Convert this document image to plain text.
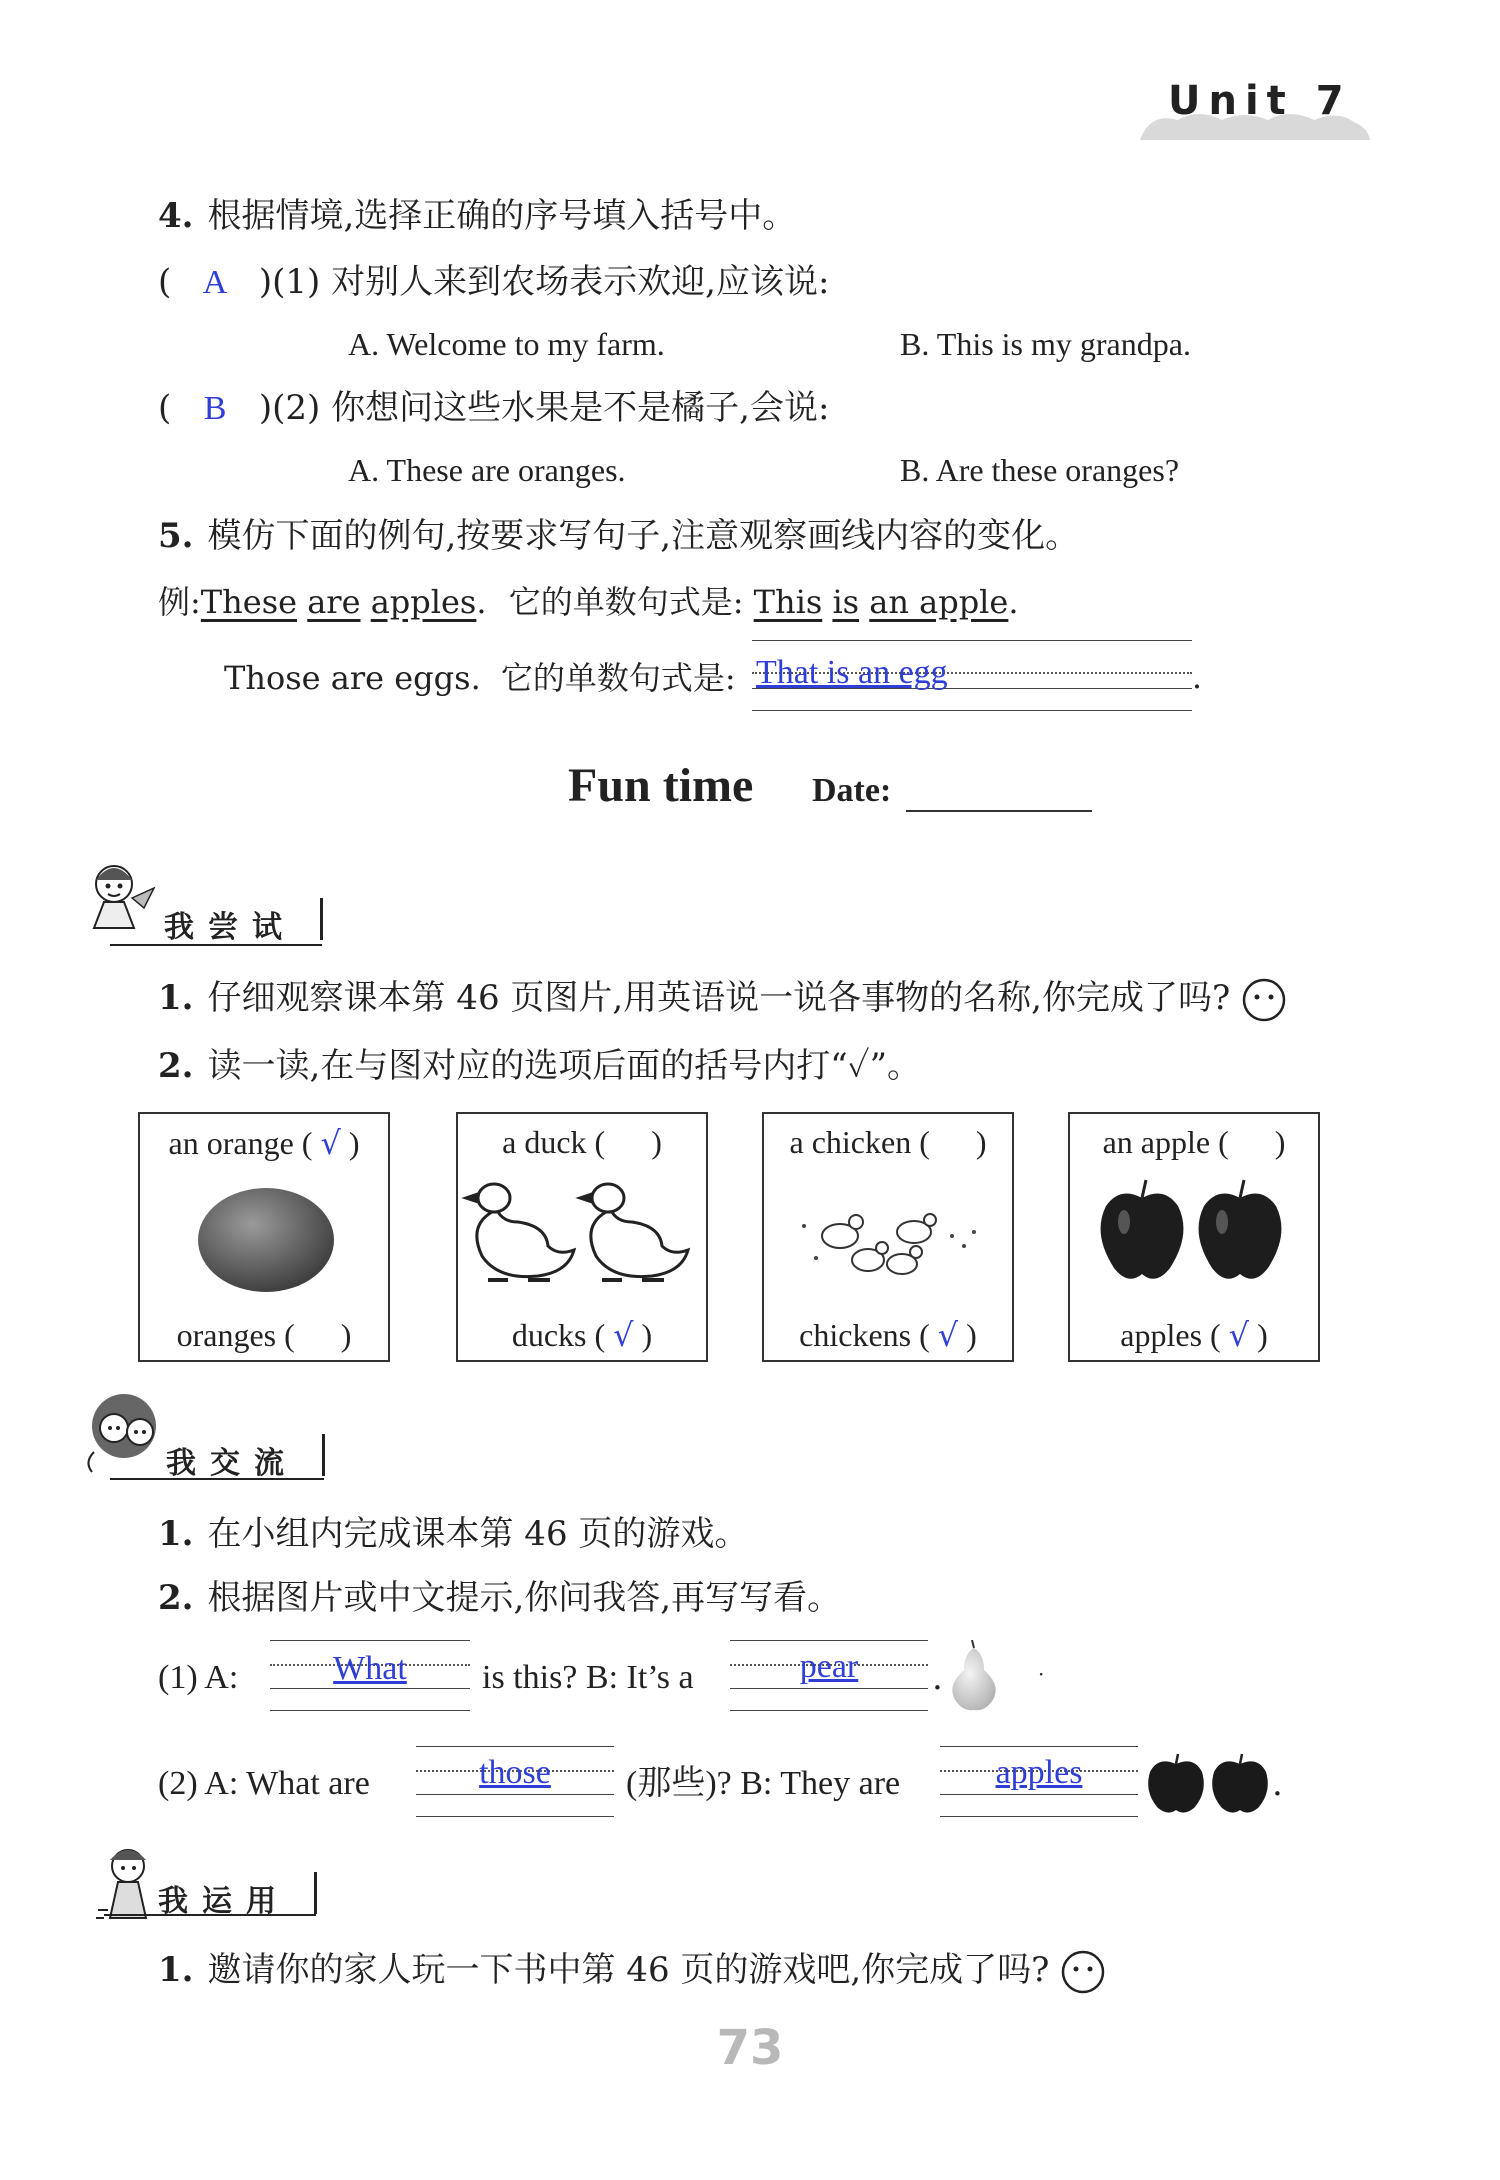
Unit 7
4. 根据情境,选择正确的序号填入括号中。
( A )(1) 对别人来到农场表示欢迎,应该说:
A. Welcome to my farm.	B. This is my grandpa.
( B )(2) 你想问这些水果是不是橘子,会说:
A. These are oranges.	B. Are these oranges?
5. 模仿下面的例句,按要求写句子,注意观察画线内容的变化。
例:These are apples. 它的单数句式是: This is an apple.
Those are eggs. 它的单数句式是: That is an egg	.
Fun time Date:
我尝试
1. 仔细观察课本第 46 页图片,用英语说一说各事物的名称,你完成了吗?
2. 读一读,在与图对应的选项后面的括号内打“✓”。
an orange ( √ )
oranges ( )
a duck ( )
ducks ( √ )
a chicken ( )
chickens ( √ )
an apple ( )
apples ( √ )
我交流
1. 在小组内完成课本第 46 页的游戏。
2. 根据图片或中文提示,你问我答,再写写看。
(1) A:	What	is this? B: It’s a	pear	.	·
(2) A: What are	those	(那些)? B: They are	apples	.
我运用
1. 邀请你的家人玩一下书中第 46 页的游戏吧,你完成了吗?
73
